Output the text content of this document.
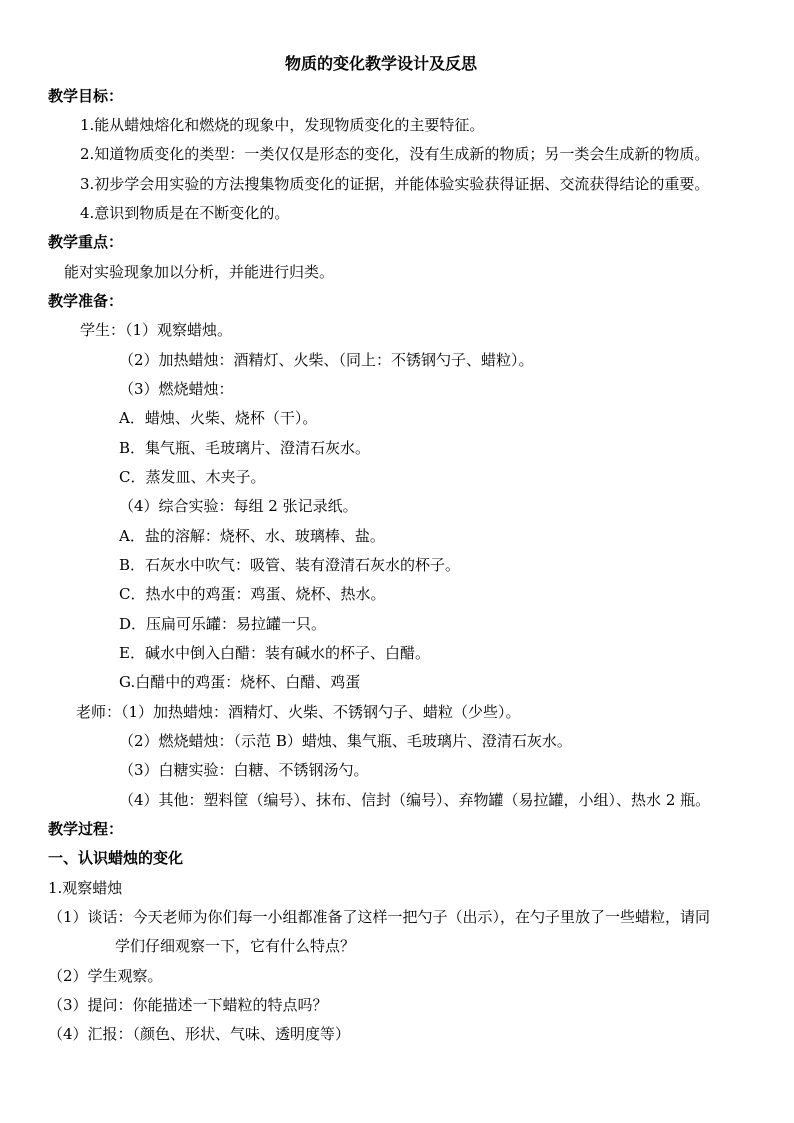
物质的变化教学设计及反思
教学目标：
1.能从蜡烛熔化和燃烧的现象中，发现物质变化的主要特征。
2.知道物质变化的类型：一类仅仅是形态的变化，没有生成新的物质；另一类会生成新的物质。
3.初步学会用实验的方法搜集物质变化的证据，并能体验实验获得证据、交流获得结论的重要。
4.意识到物质是在不断变化的。
教学重点：
能对实验现象加以分析，并能进行归类。
教学准备：
学生：（1）观察蜡烛。
（2）加热蜡烛：酒精灯、火柴、（同上：不锈钢勺子、蜡粒）。
（3）燃烧蜡烛：
A．蜡烛、火柴、烧杯（干）。
B．集气瓶、毛玻璃片、澄清石灰水。
C．蒸发皿、木夹子。
（4）综合实验：每组 2 张记录纸。
A．盐的溶解：烧杯、水、玻璃棒、盐。
B．石灰水中吹气：吸管、装有澄清石灰水的杯子。
C．热水中的鸡蛋：鸡蛋、烧杯、热水。
D．压扁可乐罐：易拉罐一只。
E．碱水中倒入白醋：装有碱水的杯子、白醋。
G.白醋中的鸡蛋：烧杯、白醋、鸡蛋
老师：（1）加热蜡烛：酒精灯、火柴、不锈钢勺子、蜡粒（少些）。
（2）燃烧蜡烛：（示范 B）蜡烛、集气瓶、毛玻璃片、澄清石灰水。
（3）白糖实验：白糖、不锈钢汤勺。
（4）其他：塑料筐（编号）、抹布、信封（编号）、弃物罐（易拉罐，小组）、热水 2 瓶。
教学过程：
一、认识蜡烛的变化
1.观察蜡烛
（1）谈话：今天老师为你们每一小组都准备了这样一把勺子（出示），在勺子里放了一些蜡粒，请同
学们仔细观察一下，它有什么特点？
（2）学生观察。
（3）提问：你能描述一下蜡粒的特点吗？
（4）汇报：（颜色、形状、气味、透明度等）
